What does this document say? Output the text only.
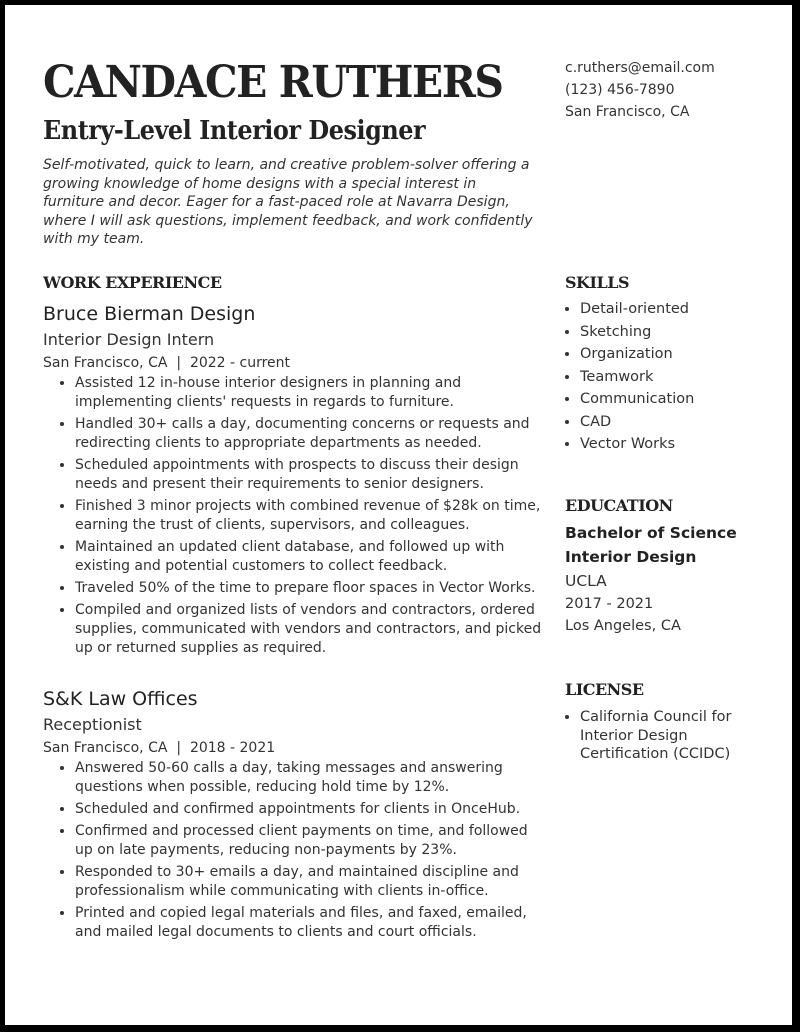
CANDACE RUTHERS
Entry-Level Interior Designer
c.ruthers@email.com
(123) 456-7890
San Francisco, CA

Self-motivated, quick to learn, and creative problem-solver offering a growing knowledge of home designs with a special interest in furniture and decor. Eager for a fast-paced role at Navarra Design, where I will ask questions, implement feedback, and work confidently with my team.

WORK EXPERIENCE
Bruce Bierman Design
Interior Design Intern
San Francisco, CA  |  2022 - current
• Assisted 12 in-house interior designers in planning and implementing clients' requests in regards to furniture.
• Handled 30+ calls a day, documenting concerns or requests and redirecting clients to appropriate departments as needed.
• Scheduled appointments with prospects to discuss their design needs and present their requirements to senior designers.
• Finished 3 minor projects with combined revenue of $28k on time, earning the trust of clients, supervisors, and colleagues.
• Maintained an updated client database, and followed up with existing and potential customers to collect feedback.
• Traveled 50% of the time to prepare floor spaces in Vector Works.
• Compiled and organized lists of vendors and contractors, ordered supplies, communicated with vendors and contractors, and picked up or returned supplies as required.
S&K Law Offices
Receptionist
San Francisco, CA  |  2018 - 2021
• Answered 50-60 calls a day, taking messages and answering questions when possible, reducing hold time by 12%.
• Scheduled and confirmed appointments for clients in OnceHub.
• Confirmed and processed client payments on time, and followed up on late payments, reducing non-payments by 23%.
• Responded to 30+ emails a day, and maintained discipline and professionalism while communicating with clients in-office.
• Printed and copied legal materials and files, and faxed, emailed, and mailed legal documents to clients and court officials.
SKILLS
• Detail-oriented
• Sketching
• Organization
• Teamwork
• Communication
• CAD
• Vector Works
EDUCATION
Bachelor of Science
Interior Design
UCLA
2017 - 2021
Los Angeles, CA
LICENSE
• California Council for Interior Design Certification (CCIDC)
